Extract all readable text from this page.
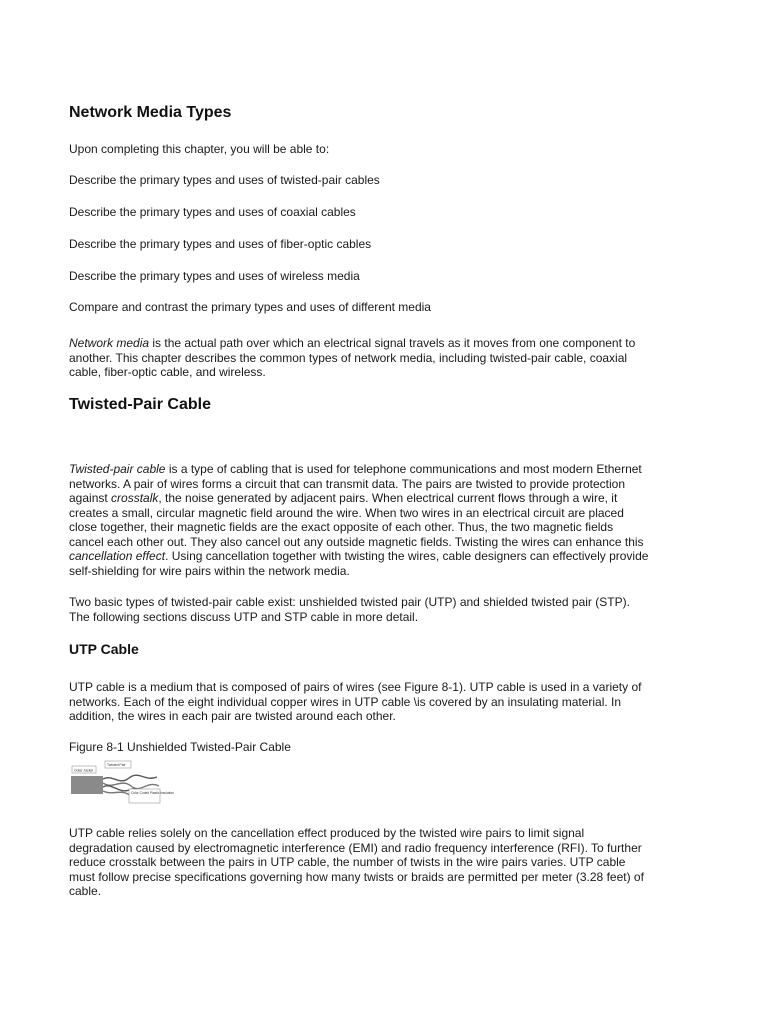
Network Media Types
Upon completing this chapter, you will be able to:
Describe the primary types and uses of twisted-pair cables
Describe the primary types and uses of coaxial cables
Describe the primary types and uses of fiber-optic cables
Describe the primary types and uses of wireless media
Compare and contrast the primary types and uses of different media

Network media is the actual path over which an electrical signal travels as it moves from one component to another. This chapter describes the common types of network media, including twisted-pair cable, coaxial cable, fiber-optic cable, and wireless.

Twisted-Pair Cable

Twisted-pair cable is a type of cabling that is used for telephone communications and most modern Ethernet networks. A pair of wires forms a circuit that can transmit data. The pairs are twisted to provide protection against crosstalk, the noise generated by adjacent pairs. When electrical current flows through a wire, it creates a small, circular magnetic field around the wire. When two wires in an electrical circuit are placed close together, their magnetic fields are the exact opposite of each other. Thus, the two magnetic fields cancel each other out. They also cancel out any outside magnetic fields. Twisting the wires can enhance this cancellation effect. Using cancellation together with twisting the wires, cable designers can effectively provide self-shielding for wire pairs within the network media.

Two basic types of twisted-pair cable exist: unshielded twisted pair (UTP) and shielded twisted pair (STP). The following sections discuss UTP and STP cable in more detail.

UTP Cable

UTP cable is a medium that is composed of pairs of wires (see Figure 8-1). UTP cable is used in a variety of networks. Each of the eight individual copper wires in UTP cable \is covered by an insulating material. In addition, the wires in each pair are twisted around each other.

Figure 8-1 Unshielded Twisted-Pair Cable
Outer Jacket
Twisted Pair
Color-Coded Plastic Insulation

UTP cable relies solely on the cancellation effect produced by the twisted wire pairs to limit signal degradation caused by electromagnetic interference (EMI) and radio frequency interference (RFI). To further reduce crosstalk between the pairs in UTP cable, the number of twists in the wire pairs varies. UTP cable must follow precise specifications governing how many twists or braids are permitted per meter (3.28 feet) of cable.
